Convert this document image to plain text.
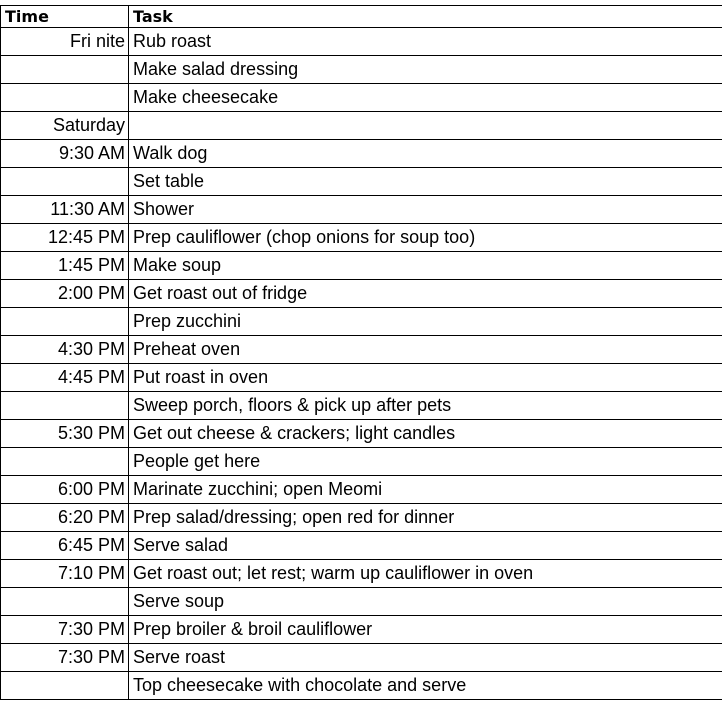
Time	Task
Fri nite	Rub roast
	Make salad dressing
	Make cheesecake
Saturday	
9:30 AM	Walk dog
	Set table
11:30 AM	Shower
12:45 PM	Prep cauliflower (chop onions for soup too)
1:45 PM	Make soup
2:00 PM	Get roast out of fridge
	Prep zucchini
4:30 PM	Preheat oven
4:45 PM	Put roast in oven
	Sweep porch, floors & pick up after pets
5:30 PM	Get out cheese & crackers; light candles
	People get here
6:00 PM	Marinate zucchini; open Meomi
6:20 PM	Prep salad/dressing; open red for dinner
6:45 PM	Serve salad
7:10 PM	Get roast out; let rest; warm up cauliflower in oven
	Serve soup
7:30 PM	Prep broiler & broil cauliflower
7:30 PM	Serve roast
	Top cheesecake with chocolate and serve
